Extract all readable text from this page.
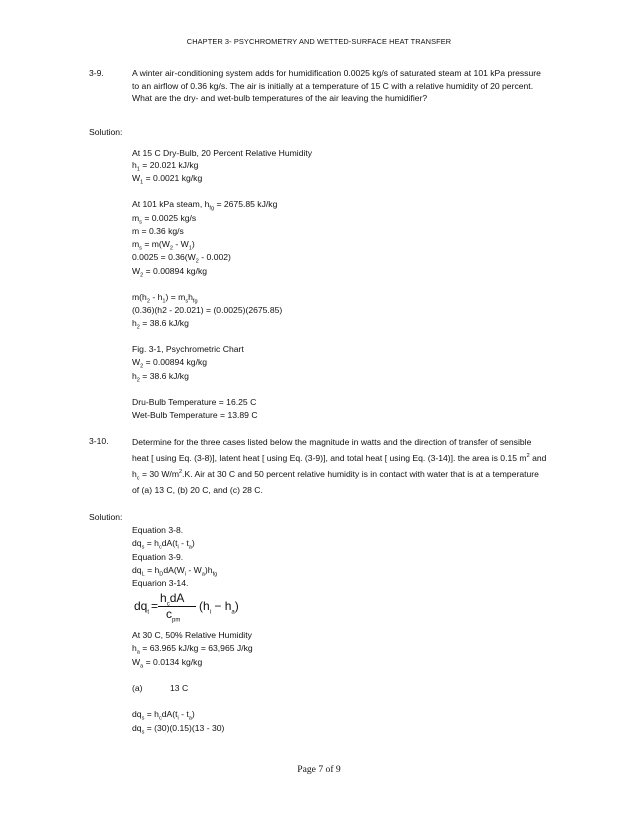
CHAPTER 3- PSYCHROMETRY AND WETTED-SURFACE HEAT TRANSFER
3-9.	A winter air-conditioning system adds for humidification 0.0025 kg/s of saturated steam at 101 kPa pressure
to an airflow of 0.36 kg/s. The air is initially at a temperature of 15 C with a relative humidity of 20 percent.
What are the dry- and wet-bulb temperatures of the air leaving the humidifier?
Solution:
At 15 C Dry-Bulb, 20 Percent Relative Humidity
$h_1 = 20.021$ kJ/kg
$W_1 = 0.0021$ kg/kg
At 101 kPa steam, $h_{fg} = 2675.85$ kJ/kg
$m_s = 0.0025$ kg/s
m = 0.36 kg/s
$m_s = m(W_2 - W_1)$
$0.0025 = 0.36(W_2 - 0.002)$
$W_2 = 0.00894$ kg/kg
$m(h_2 - h_1) = m_sh_{fg}$
(0.36)(h2 - 20.021) = (0.0025)(2675.85)
$h_2 = 38.6$ kJ/kg
Fig. 3-1, Psychrometric Chart
$W_2 = 0.00894$ kg/kg
$h_2 = 38.6$ kJ/kg
Dru-Bulb Temperature = 16.25 C
Wet-Bulb Temperature = 13.89 C
3-10.	Determine for the three cases listed below the magnitude in watts and the direction of transfer of sensible
heat [ using Eq. (3-8)], latent heat [ using Eq. (3-9)], and total heat [ using Eq. (3-14)]. the area is 0.15 $m^2$ and
$h_c = 30$ $W/m^2.K$. Air at 30 C and 50 percent relative humidity is in contact with water that is at a temperature
of (a) 13 C, (b) 20 C, and (c) 28 C.
Solution:
Equation 3-8.
$dq_s = h_cdA(t_i - t_a)$
Equation 3-9.
$dq_L = h_DdA(W_i - W_a)h_{fg}$
Equarion 3-14.
$dq_t$ =
$h_cdA$
$c_{pm}$
$(h_i - h_a)$
At 30 C, 50% Relative Humidity
$h_a = 63.965$ kJ/kg = 63,965 J/kg
$W_a = 0.0134$ kg/kg
(a)	13 C
$dq_s = h_cdA(t_i - t_a)$
$dq_s = (30)(0.15)(13 - 30)$
Page 7 of 9
